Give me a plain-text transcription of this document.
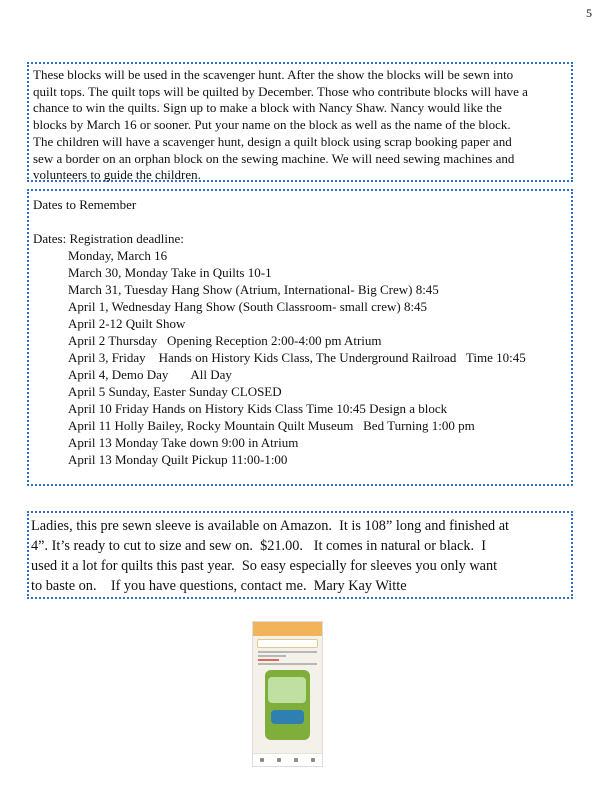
5
These blocks will be used in the scavenger hunt. After the show the blocks will be sewn into
quilt tops. The quilt tops will be quilted by December. Those who contribute blocks will have a
chance to win the quilts. Sign up to make a block with Nancy Shaw. Nancy would like the
blocks by March 16 or sooner. Put your name on the block as well as the name of the block.
The children will have a scavenger hunt, design a quilt block using scrap booking paper and
sew a border on an orphan block on the sewing machine. We will need sewing machines and
volunteers to guide the children.
Dates to Remember
Dates: Registration deadline:
Monday, March 16
March 30, Monday Take in Quilts 10-1
March 31, Tuesday Hang Show (Atrium, International- Big Crew) 8:45
April 1, Wednesday Hang Show (South Classroom- small crew) 8:45
April 2-12 Quilt Show
April 2 Thursday   Opening Reception 2:00-4:00 pm Atrium
April 3, Friday    Hands on History Kids Class, The Underground Railroad   Time 10:45
April 4, Demo Day       All Day
April 5 Sunday, Easter Sunday CLOSED
April 10 Friday Hands on History Kids Class Time 10:45 Design a block
April 11 Holly Bailey, Rocky Mountain Quilt Museum   Bed Turning 1:00 pm
April 13 Monday Take down 9:00 in Atrium
April 13 Monday Quilt Pickup 11:00-1:00
Ladies, this pre sewn sleeve is available on Amazon.  It is 108” long and finished at
4”. It’s ready to cut to size and sew on.  $21.00.   It comes in natural or black.  I
used it a lot for quilts this past year.  So easy especially for sleeves you only want
to baste on.    If you have questions, contact me.  Mary Kay Witte
